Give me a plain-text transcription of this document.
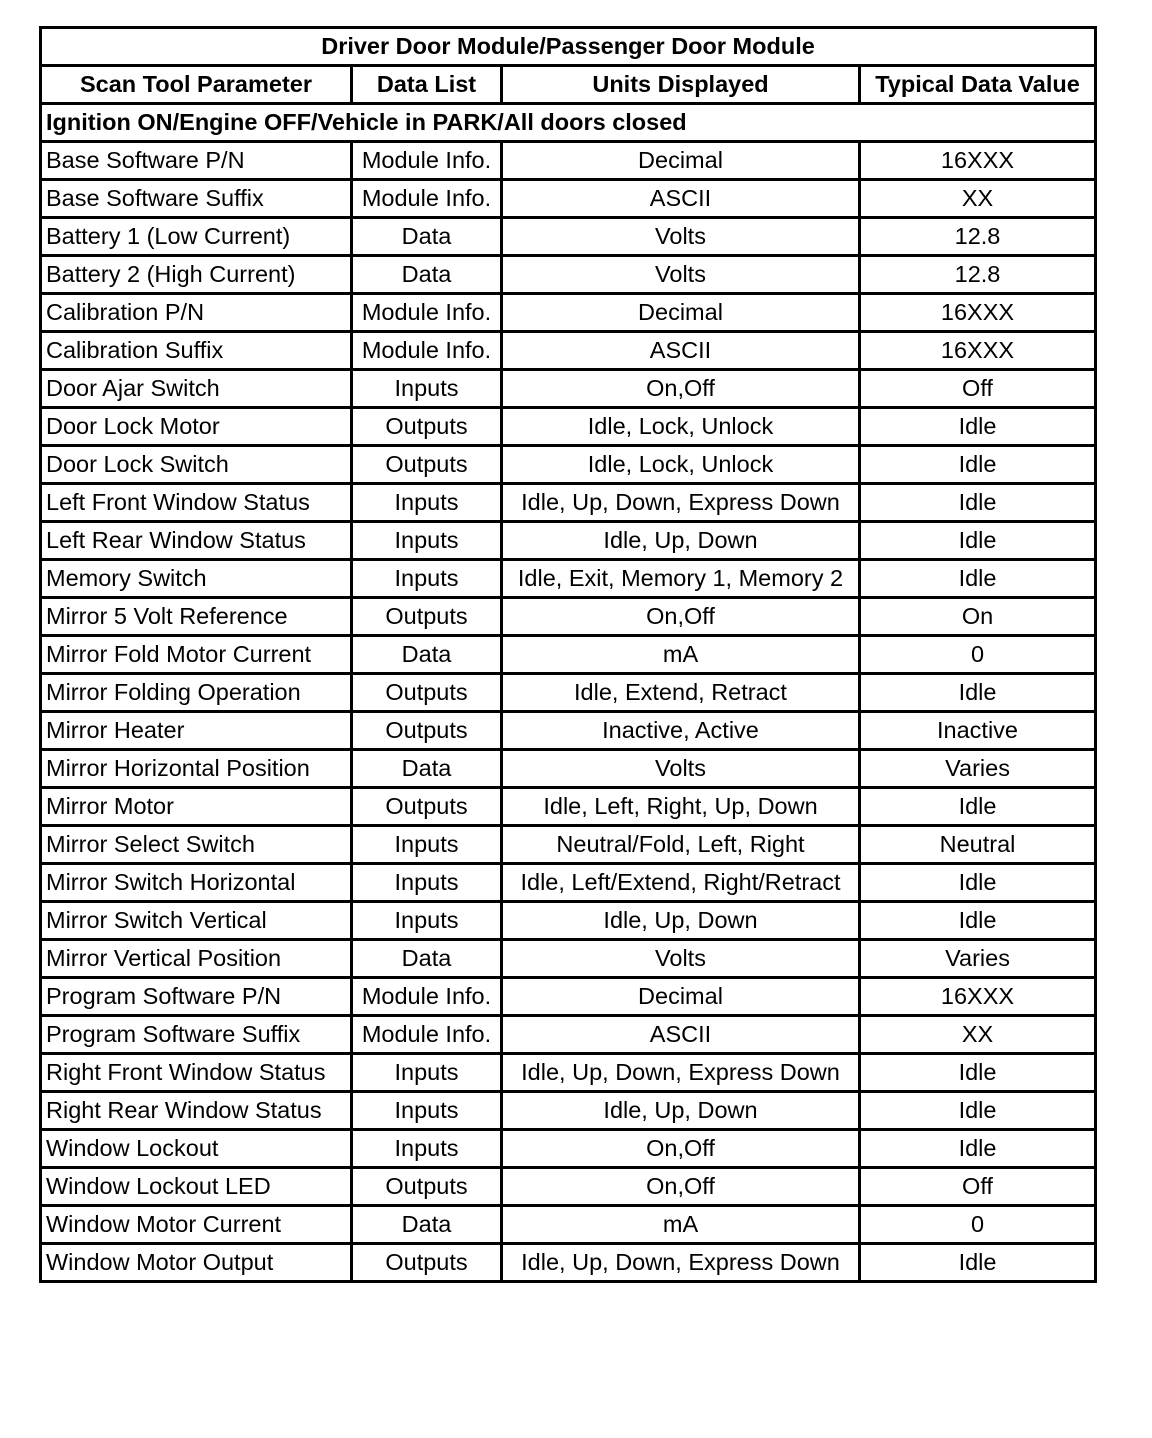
Driver Door Module/Passenger Door Module			
Scan Tool Parameter	Data List	Units Displayed	Typical Data Value
Ignition ON/Engine OFF/Vehicle in PARK/All doors closed			
Base Software P/N	Module Info.	Decimal	16XXX
Base Software Suffix	Module Info.	ASCII	XX
Battery 1 (Low Current)	Data	Volts	12.8
Battery 2 (High Current)	Data	Volts	12.8
Calibration P/N	Module Info.	Decimal	16XXX
Calibration Suffix	Module Info.	ASCII	16XXX
Door Ajar Switch	Inputs	On,Off	Off
Door Lock Motor	Outputs	Idle, Lock, Unlock	Idle
Door Lock Switch	Outputs	Idle, Lock, Unlock	Idle
Left Front Window Status	Inputs	Idle, Up, Down, Express Down	Idle
Left Rear Window Status	Inputs	Idle, Up, Down	Idle
Memory Switch	Inputs	Idle, Exit, Memory 1, Memory 2	Idle
Mirror 5 Volt Reference	Outputs	On,Off	On
Mirror Fold Motor Current	Data	mA	0
Mirror Folding Operation	Outputs	Idle, Extend, Retract	Idle
Mirror Heater	Outputs	Inactive, Active	Inactive
Mirror Horizontal Position	Data	Volts	Varies
Mirror Motor	Outputs	Idle, Left, Right, Up, Down	Idle
Mirror Select Switch	Inputs	Neutral/Fold, Left, Right	Neutral
Mirror Switch Horizontal	Inputs	Idle, Left/Extend, Right/Retract	Idle
Mirror Switch Vertical	Inputs	Idle, Up, Down	Idle
Mirror Vertical Position	Data	Volts	Varies
Program Software P/N	Module Info.	Decimal	16XXX
Program Software Suffix	Module Info.	ASCII	XX
Right Front Window Status	Inputs	Idle, Up, Down, Express Down	Idle
Right Rear Window Status	Inputs	Idle, Up, Down	Idle
Window Lockout	Inputs	On,Off	Idle
Window Lockout LED	Outputs	On,Off	Off
Window Motor Current	Data	mA	0
Window Motor Output	Outputs	Idle, Up, Down, Express Down	Idle
